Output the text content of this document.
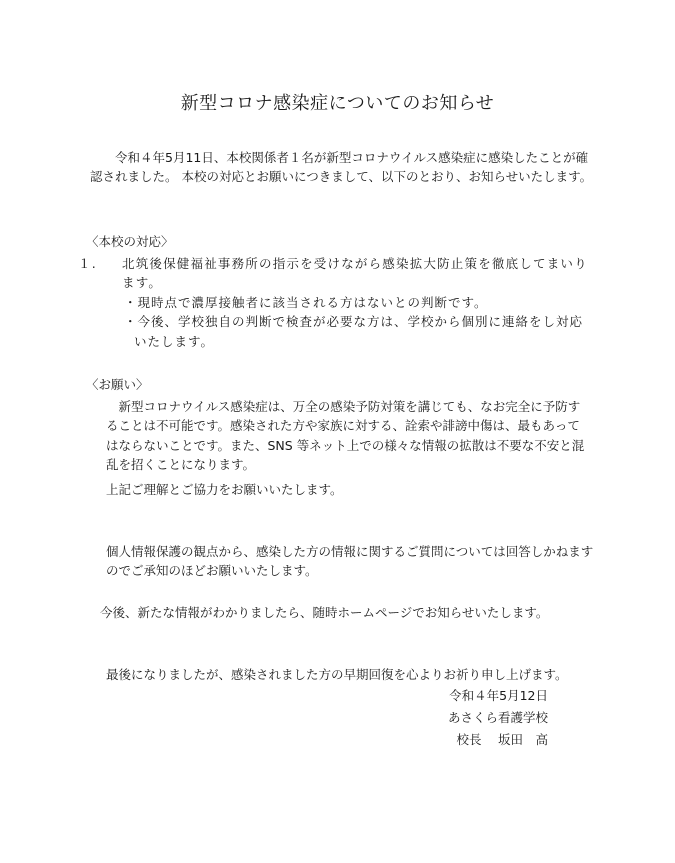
新型コロナ感染症についてのお知らせ

令和４年5月11日、本校関係者１名が新型コロナウイルス感染症に感染したことが確認されました。 本校の対応とお願いにつきまして、以下のとおり、お知らせいたします。

〈本校の対応〉

１. 北筑後保健福祉事務所の指示を受けながら感染拡大防止策を徹底してまいります。
・現時点で濃厚接触者に該当される方はないとの判断です。
・今後、学校独自の判断で検査が必要な方は、学校から個別に連絡をし対応いたします。

〈お願い〉

新型コロナウイルス感染症は、万全の感染予防対策を講じても、なお完全に予防することは不可能です。感染された方や家族に対する、詮索や誹謗中傷は、最もあってはならないことです。また、SNS 等ネット上での様々な情報の拡散は不要な不安と混乱を招くことになります。

上記ご理解とご協力をお願いいたします。

個人情報保護の観点から、感染した方の情報に関するご質問については回答しかねますのでご承知のほどお願いいたします。

今後、新たな情報がわかりましたら、随時ホームページでお知らせいたします。

最後になりましたが、感染されました方の早期回復を心よりお祈り申し上げます。

令和４年5月12日

あさくら看護学校

校長　 坂田　高
